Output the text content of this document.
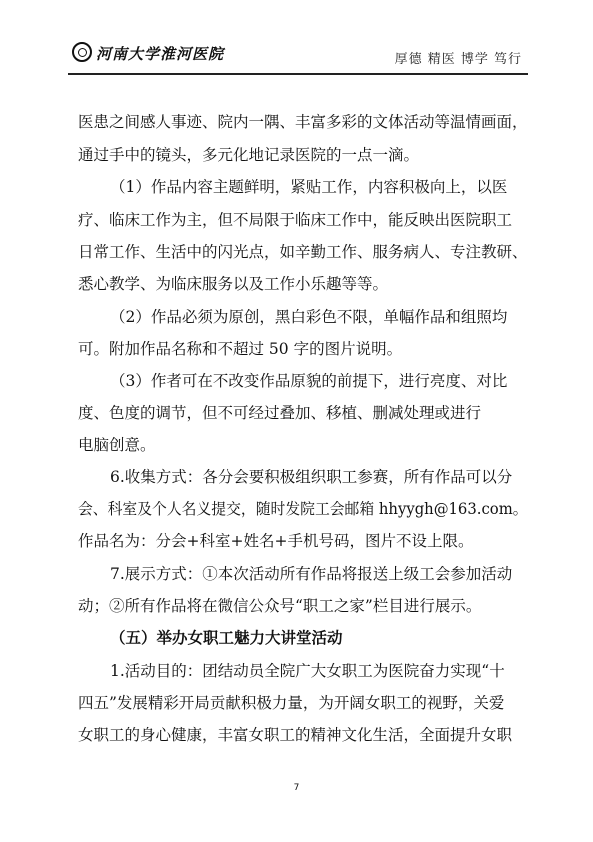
河南大学淮河医院	厚德 精医 博学 笃行
医患之间感人事迹、院内一隅、丰富多彩的文体活动等温情画面，
通过手中的镜头，多元化地记录医院的一点一滴。
（1）作品内容主题鲜明，紧贴工作，内容积极向上，以医
疗、临床工作为主，但不局限于临床工作中，能反映出医院职工
日常工作、生活中的闪光点，如辛勤工作、服务病人、专注教研、
悉心教学、为临床服务以及工作小乐趣等等。
（2）作品必须为原创，黑白彩色不限，单幅作品和组照均
可。附加作品名称和不超过 50 字的图片说明。
（3）作者可在不改变作品原貌的前提下，进行亮度、对比
度、色度的调节，但不可经过叠加、移植、删减处理或进行
电脑创意。
6.收集方式：各分会要积极组织职工参赛，所有作品可以分
会、科室及个人名义提交，随时发院工会邮箱 hhyygh@163.com。
作品名为：分会+科室+姓名+手机号码，图片不设上限。
7.展示方式：①本次活动所有作品将报送上级工会参加活动
动；②所有作品将在微信公众号“职工之家”栏目进行展示。
（五）举办女职工魅力大讲堂活动
1.活动目的：团结动员全院广大女职工为医院奋力实现“十
四五”发展精彩开局贡献积极力量，为开阔女职工的视野，关爱
女职工的身心健康，丰富女职工的精神文化生活，全面提升女职
7
